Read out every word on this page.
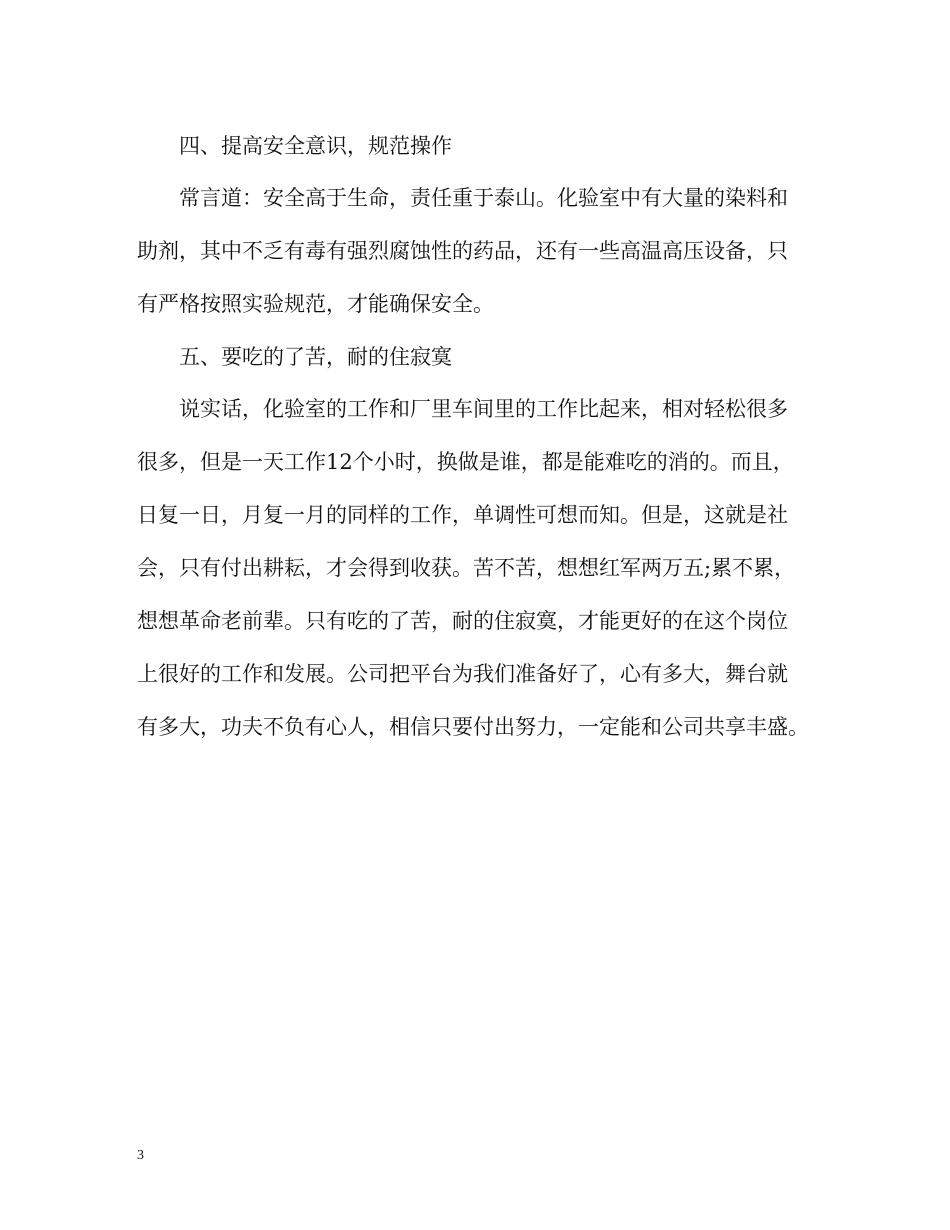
四、提高安全意识，规范操作
常言道：安全高于生命，责任重于泰山。化验室中有大量的染料和
助剂，其中不乏有毒有强烈腐蚀性的药品，还有一些高温高压设备，只
有严格按照实验规范，才能确保安全。
五、要吃的了苦，耐的住寂寞
说实话，化验室的工作和厂里车间里的工作比起来，相对轻松很多
很多，但是一天工作12个小时，换做是谁，都是能难吃的消的。而且，
日复一日，月复一月的同样的工作，单调性可想而知。但是，这就是社
会，只有付出耕耘，才会得到收获。苦不苦，想想红军两万五;累不累，
想想革命老前辈。只有吃的了苦，耐的住寂寞，才能更好的在这个岗位
上很好的工作和发展。公司把平台为我们准备好了，心有多大，舞台就
有多大，功夫不负有心人，相信只要付出努力，一定能和公司共享丰盛。
3
